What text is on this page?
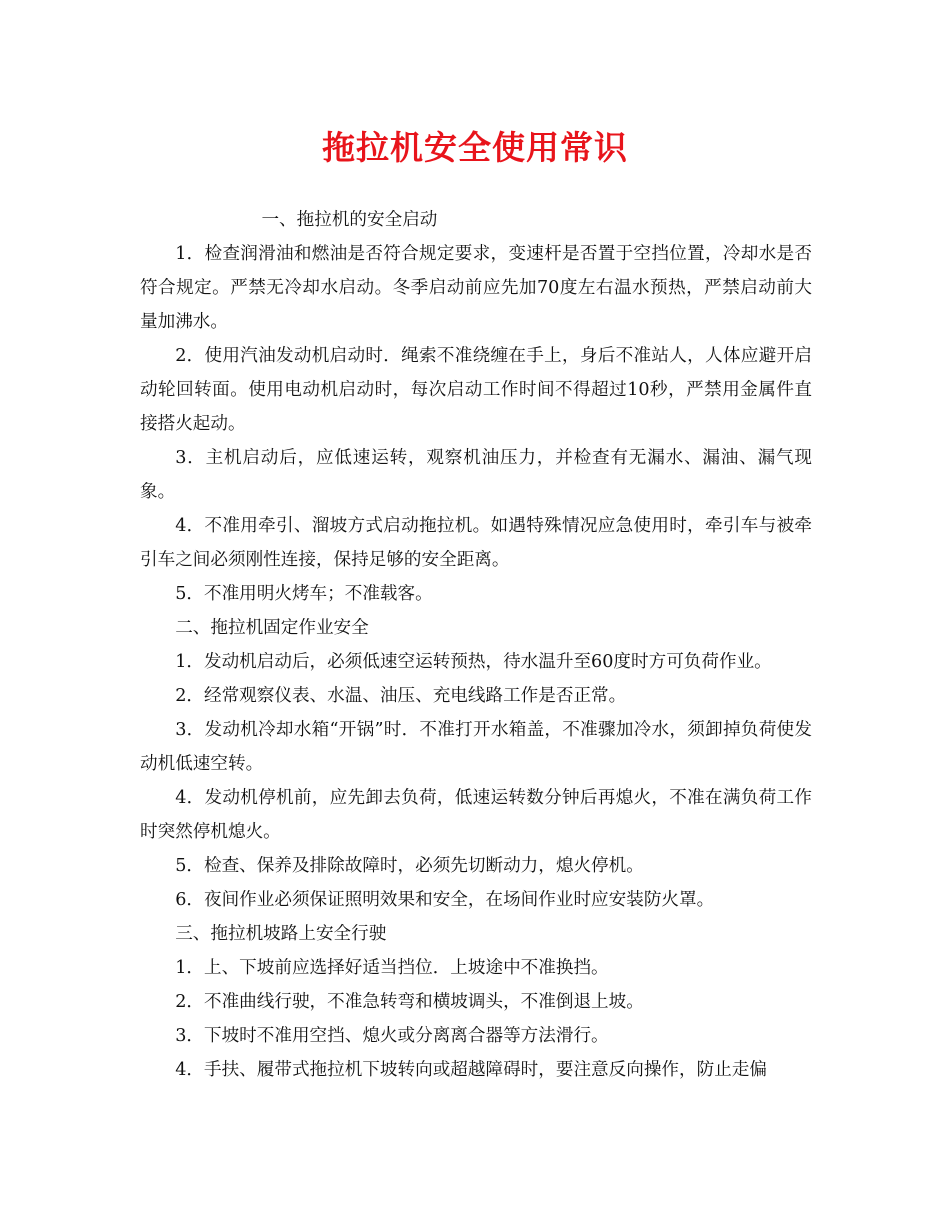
拖拉机安全使用常识

一、拖拉机的安全启动

1．检查润滑油和燃油是否符合规定要求，变速杆是否置于空挡位置，冷却水是否符合规定。严禁无冷却水启动。冬季启动前应先加70度左右温水预热，严禁启动前大量加沸水。

2．使用汽油发动机启动时．绳索不准绕缠在手上，身后不准站人，人体应避开启动轮回转面。使用电动机启动时，每次启动工作时间不得超过10秒，严禁用金属件直接搭火起动。

3．主机启动后，应低速运转，观察机油压力，并检查有无漏水、漏油、漏气现象。

4．不准用牵引、溜坡方式启动拖拉机。如遇特殊情况应急使用时，牵引车与被牵引车之间必须刚性连接，保持足够的安全距离。

5．不准用明火烤车；不准载客。

二、拖拉机固定作业安全

1．发动机启动后，必须低速空运转预热，待水温升至60度时方可负荷作业。

2．经常观察仪表、水温、油压、充电线路工作是否正常。

3．发动机冷却水箱“开锅”时．不准打开水箱盖，不准骤加冷水，须卸掉负荷使发动机低速空转。

4．发动机停机前，应先卸去负荷，低速运转数分钟后再熄火，不准在满负荷工作时突然停机熄火。

5．检查、保养及排除故障时，必须先切断动力，熄火停机。

6．夜间作业必须保证照明效果和安全，在场间作业时应安装防火罩。

三、拖拉机坡路上安全行驶

1．上、下坡前应选择好适当挡位．上坡途中不准换挡。

2．不准曲线行驶，不准急转弯和横坡调头，不准倒退上坡。

3．下坡时不准用空挡、熄火或分离离合器等方法滑行。

4．手扶、履带式拖拉机下坡转向或超越障碍时，要注意反向操作，防止走偏
